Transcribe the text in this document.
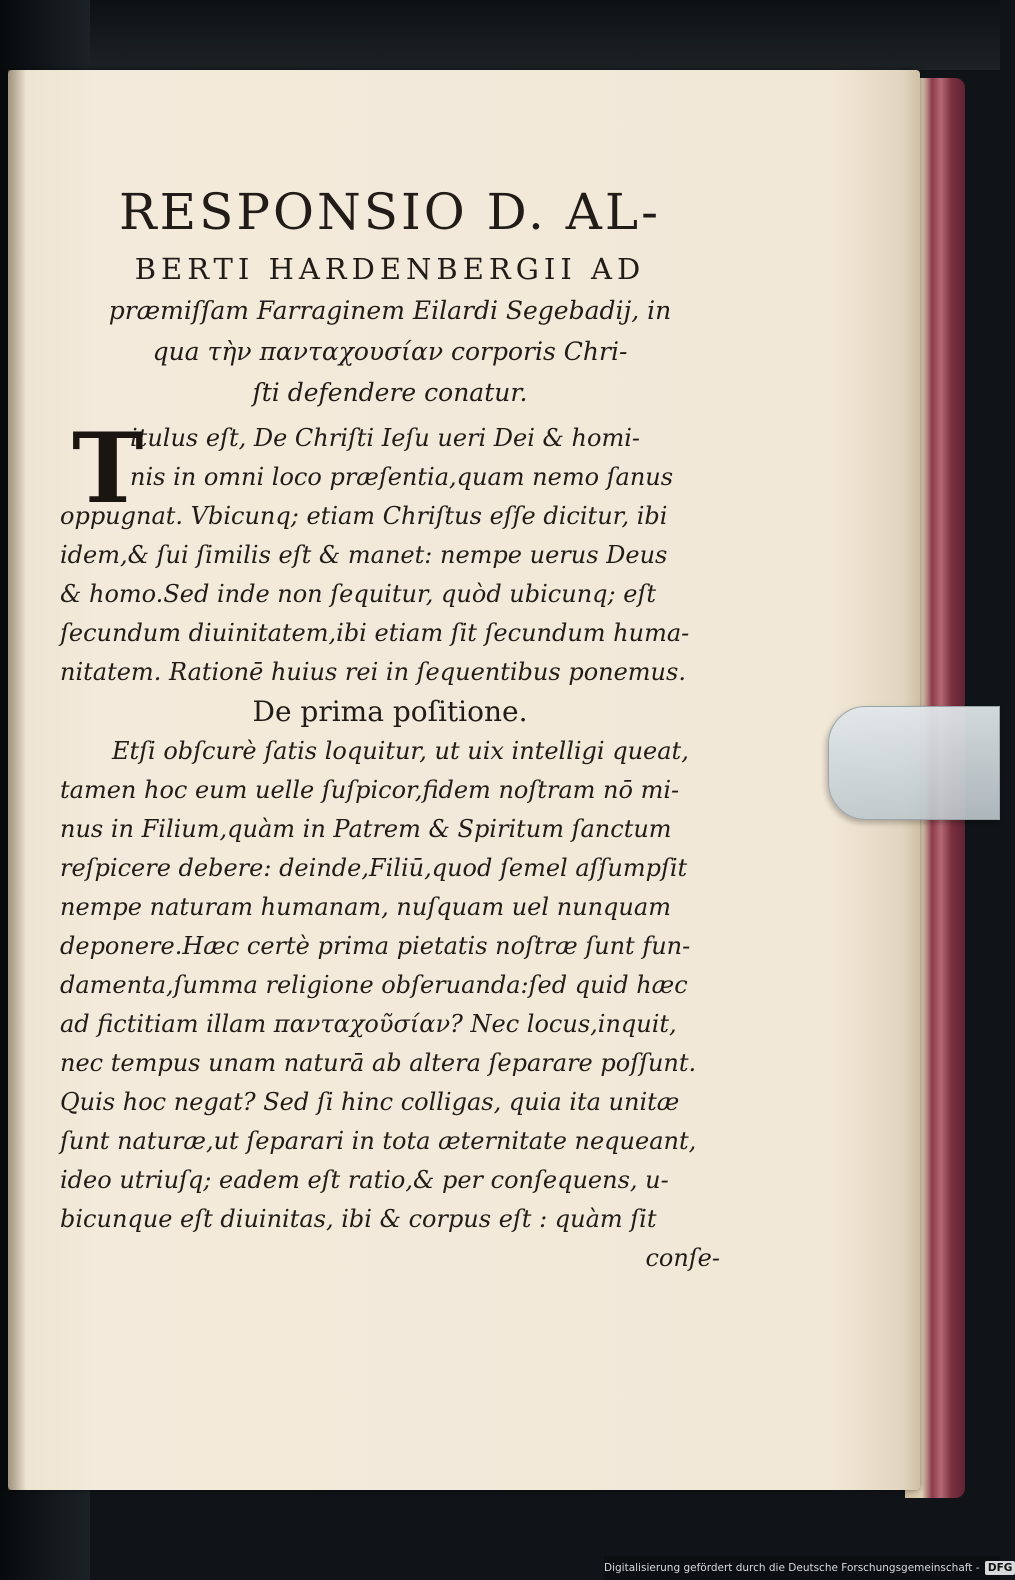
RESPONSIO D. AL-
BERTI HARDENBERGII AD
præmiſſam Farraginem Eilardi Segebadij, in
qua τὴν πανταχουσίαν corporis Chri-
ſti defendere conatur.
T
itulus eſt, De Chriſti Ieſu ueri Dei & homi-
nis in omni loco præſentia,quam nemo ſanus
oppugnat. Vbicunq; etiam Chriſtus eſſe dicitur, ibi
idem,& ſui ſimilis eſt & manet: nempe uerus Deus
& homo.Sed inde non ſequitur, quòd ubicunq; eſt
ſecundum diuinitatem,ibi etiam ſit ſecundum huma-
nitatem. Rationē huius rei in ſequentibus ponemus.
De prima poſitione.
Etſi obſcurè ſatis loquitur, ut uix intelligi queat,
tamen hoc eum uelle ſuſpicor,fidem noſtram nō mi-
nus in Filium,quàm in Patrem & Spiritum ſanctum
reſpicere debere: deinde,Filiū,quod ſemel aſſumpſit
nempe naturam humanam, nuſquam uel nunquam
deponere.Hæc certè prima pietatis noſtræ ſunt fun-
damenta,ſumma religione obſeruanda:ſed quid hæc
ad fictitiam illam πανταχοῦσίαν? Nec locus,inquit,
nec tempus unam naturā ab altera ſeparare poſſunt.
Quis hoc negat? Sed ſi hinc colligas, quia ita unitæ
ſunt naturæ,ut ſeparari in tota æternitate nequeant,
ideo utriuſq; eadem eſt ratio,& per conſequens, u-
bicunque eſt diuinitas, ibi & corpus eſt : quàm ſit
conſe-
Digitalisierung gefördert durch die Deutsche Forschungsgemeinschaft - DFG
